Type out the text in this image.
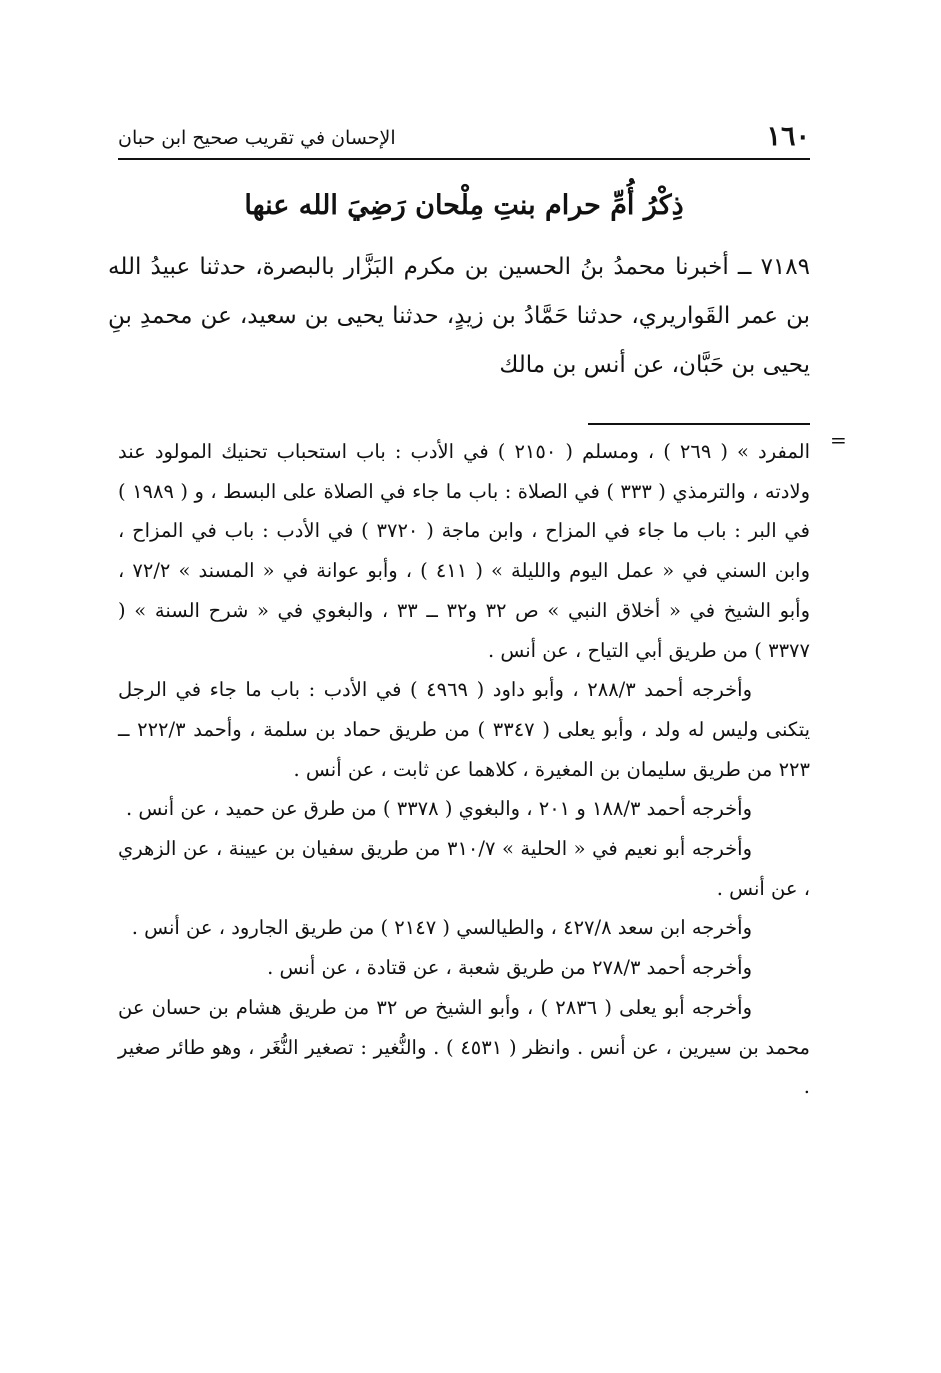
١٦٠
الإحسان في تقريب صحيح ابن حبان
ذِكْرُ أُمِّ حرام بنتِ مِلْحان رَضِيَ الله عنها

٧١٨٩ ــ أخبرنا محمدُ بنُ الحسين بن مكرم البَزَّار بالبصرة، حدثنا عبيدُ الله بن عمر القَواريري، حدثنا حَمَّادُ بن زيدٍ، حدثنا يحيى بن سعيد، عن محمدِ بنِ يحيى بن حَبَّان، عن أنس بن مالك

=

المفرد » ( ٢٦٩ ) ، ومسلم ( ٢١٥٠ ) في الأدب : باب استحباب تحنيك المولود عند ولادته ، والترمذي ( ٣٣٣ ) في الصلاة : باب ما جاء في الصلاة على البسط ، و ( ١٩٨٩ ) في البر : باب ما جاء في المزاح ، وابن ماجة ( ٣٧٢٠ ) في الأدب : باب في المزاح ، وابن السني في « عمل اليوم والليلة » ( ٤١١ ) ، وأبو عوانة في « المسند » ٧٢/٢ ، وأبو الشيخ في « أخلاق النبي » ص ٣٢ و٣٢ ــ ٣٣ ، والبغوي في « شرح السنة » ( ٣٣٧٧ ) من طريق أبي التياح ، عن أنس .

وأخرجه أحمد ٢٨٨/٣ ، وأبو داود ( ٤٩٦٩ ) في الأدب : باب ما جاء في الرجل يتكنى وليس له ولد ، وأبو يعلى ( ٣٣٤٧ ) من طريق حماد بن سلمة ، وأحمد ٢٢٢/٣ ــ ٢٢٣ من طريق سليمان بن المغيرة ، كلاهما عن ثابت ، عن أنس .

وأخرجه أحمد ١٨٨/٣ و ٢٠١ ، والبغوي ( ٣٣٧٨ ) من طرق عن حميد ، عن أنس .

وأخرجه أبو نعيم في « الحلية » ٣١٠/٧ من طريق سفيان بن عيينة ، عن الزهري ، عن أنس .

وأخرجه ابن سعد ٤٢٧/٨ ، والطيالسي ( ٢١٤٧ ) من طريق الجارود ، عن أنس .

وأخرجه أحمد ٢٧٨/٣ من طريق شعبة ، عن قتادة ، عن أنس .

وأخرجه أبو يعلى ( ٢٨٣٦ ) ، وأبو الشيخ ص ٣٢ من طريق هشام بن حسان عن محمد بن سيرين ، عن أنس . وانظر ( ٤٥٣١ ) . والنُّغير : تصغير النُّغَر ، وهو طائر صغير .
